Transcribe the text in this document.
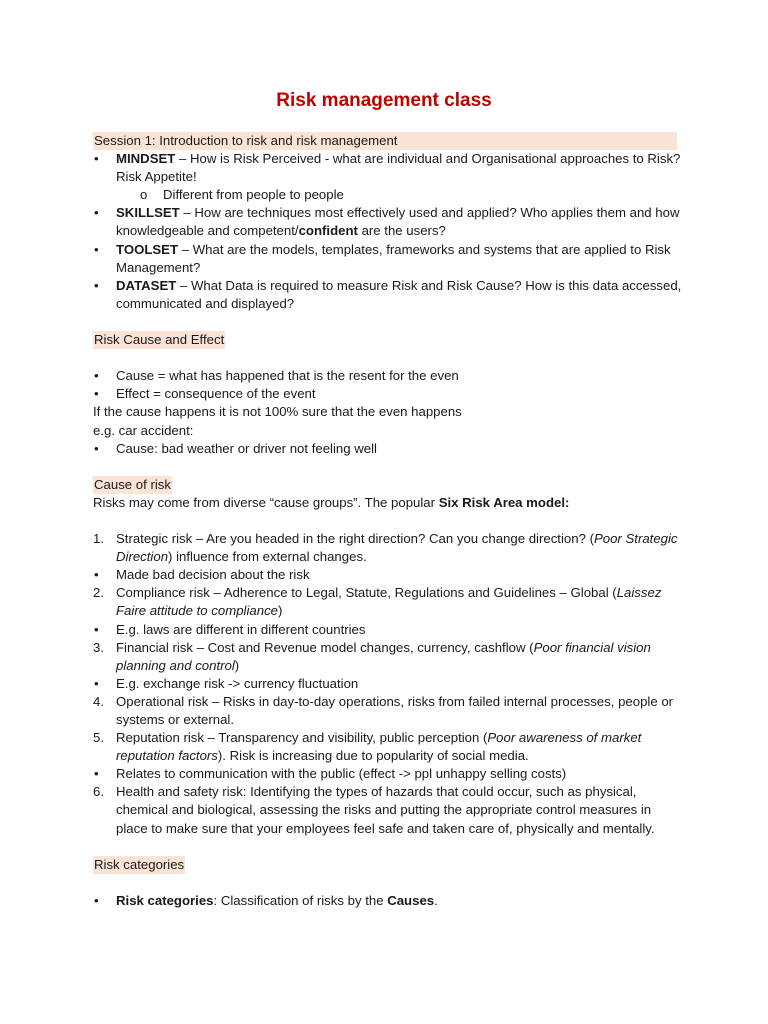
Risk management class
Session 1: Introduction to risk and risk management
• MINDSET – How is Risk Perceived - what are individual and Organisational approaches to Risk? Risk Appetite!
o Different from people to people
• SKILLSET – How are techniques most effectively used and applied? Who applies them and how knowledgeable and competent/confident are the users?
• TOOLSET – What are the models, templates, frameworks and systems that are applied to Risk Management?
• DATASET – What Data is required to measure Risk and Risk Cause? How is this data accessed, communicated and displayed?
Risk Cause and Effect
• Cause = what has happened that is the resent for the even
• Effect = consequence of the event
If the cause happens it is not 100% sure that the even happens
e.g. car accident:
• Cause: bad weather or driver not feeling well
Cause of risk
Risks may come from diverse “cause groups”. The popular Six Risk Area model:
1. Strategic risk – Are you headed in the right direction? Can you change direction? (Poor Strategic Direction) influence from external changes.
• Made bad decision about the risk
2. Compliance risk – Adherence to Legal, Statute, Regulations and Guidelines – Global (Laissez Faire attitude to compliance)
• E.g. laws are different in different countries
3. Financial risk – Cost and Revenue model changes, currency, cashflow (Poor financial vision planning and control)
• E.g. exchange risk -> currency fluctuation
4. Operational risk – Risks in day-to-day operations, risks from failed internal processes, people or systems or external.
5. Reputation risk – Transparency and visibility, public perception (Poor awareness of market reputation factors). Risk is increasing due to popularity of social media.
• Relates to communication with the public (effect -> ppl unhappy selling costs)
6. Health and safety risk: Identifying the types of hazards that could occur, such as physical, chemical and biological, assessing the risks and putting the appropriate control measures in place to make sure that your employees feel safe and taken care of, physically and mentally.
Risk categories
• Risk categories: Classification of risks by the Causes.
